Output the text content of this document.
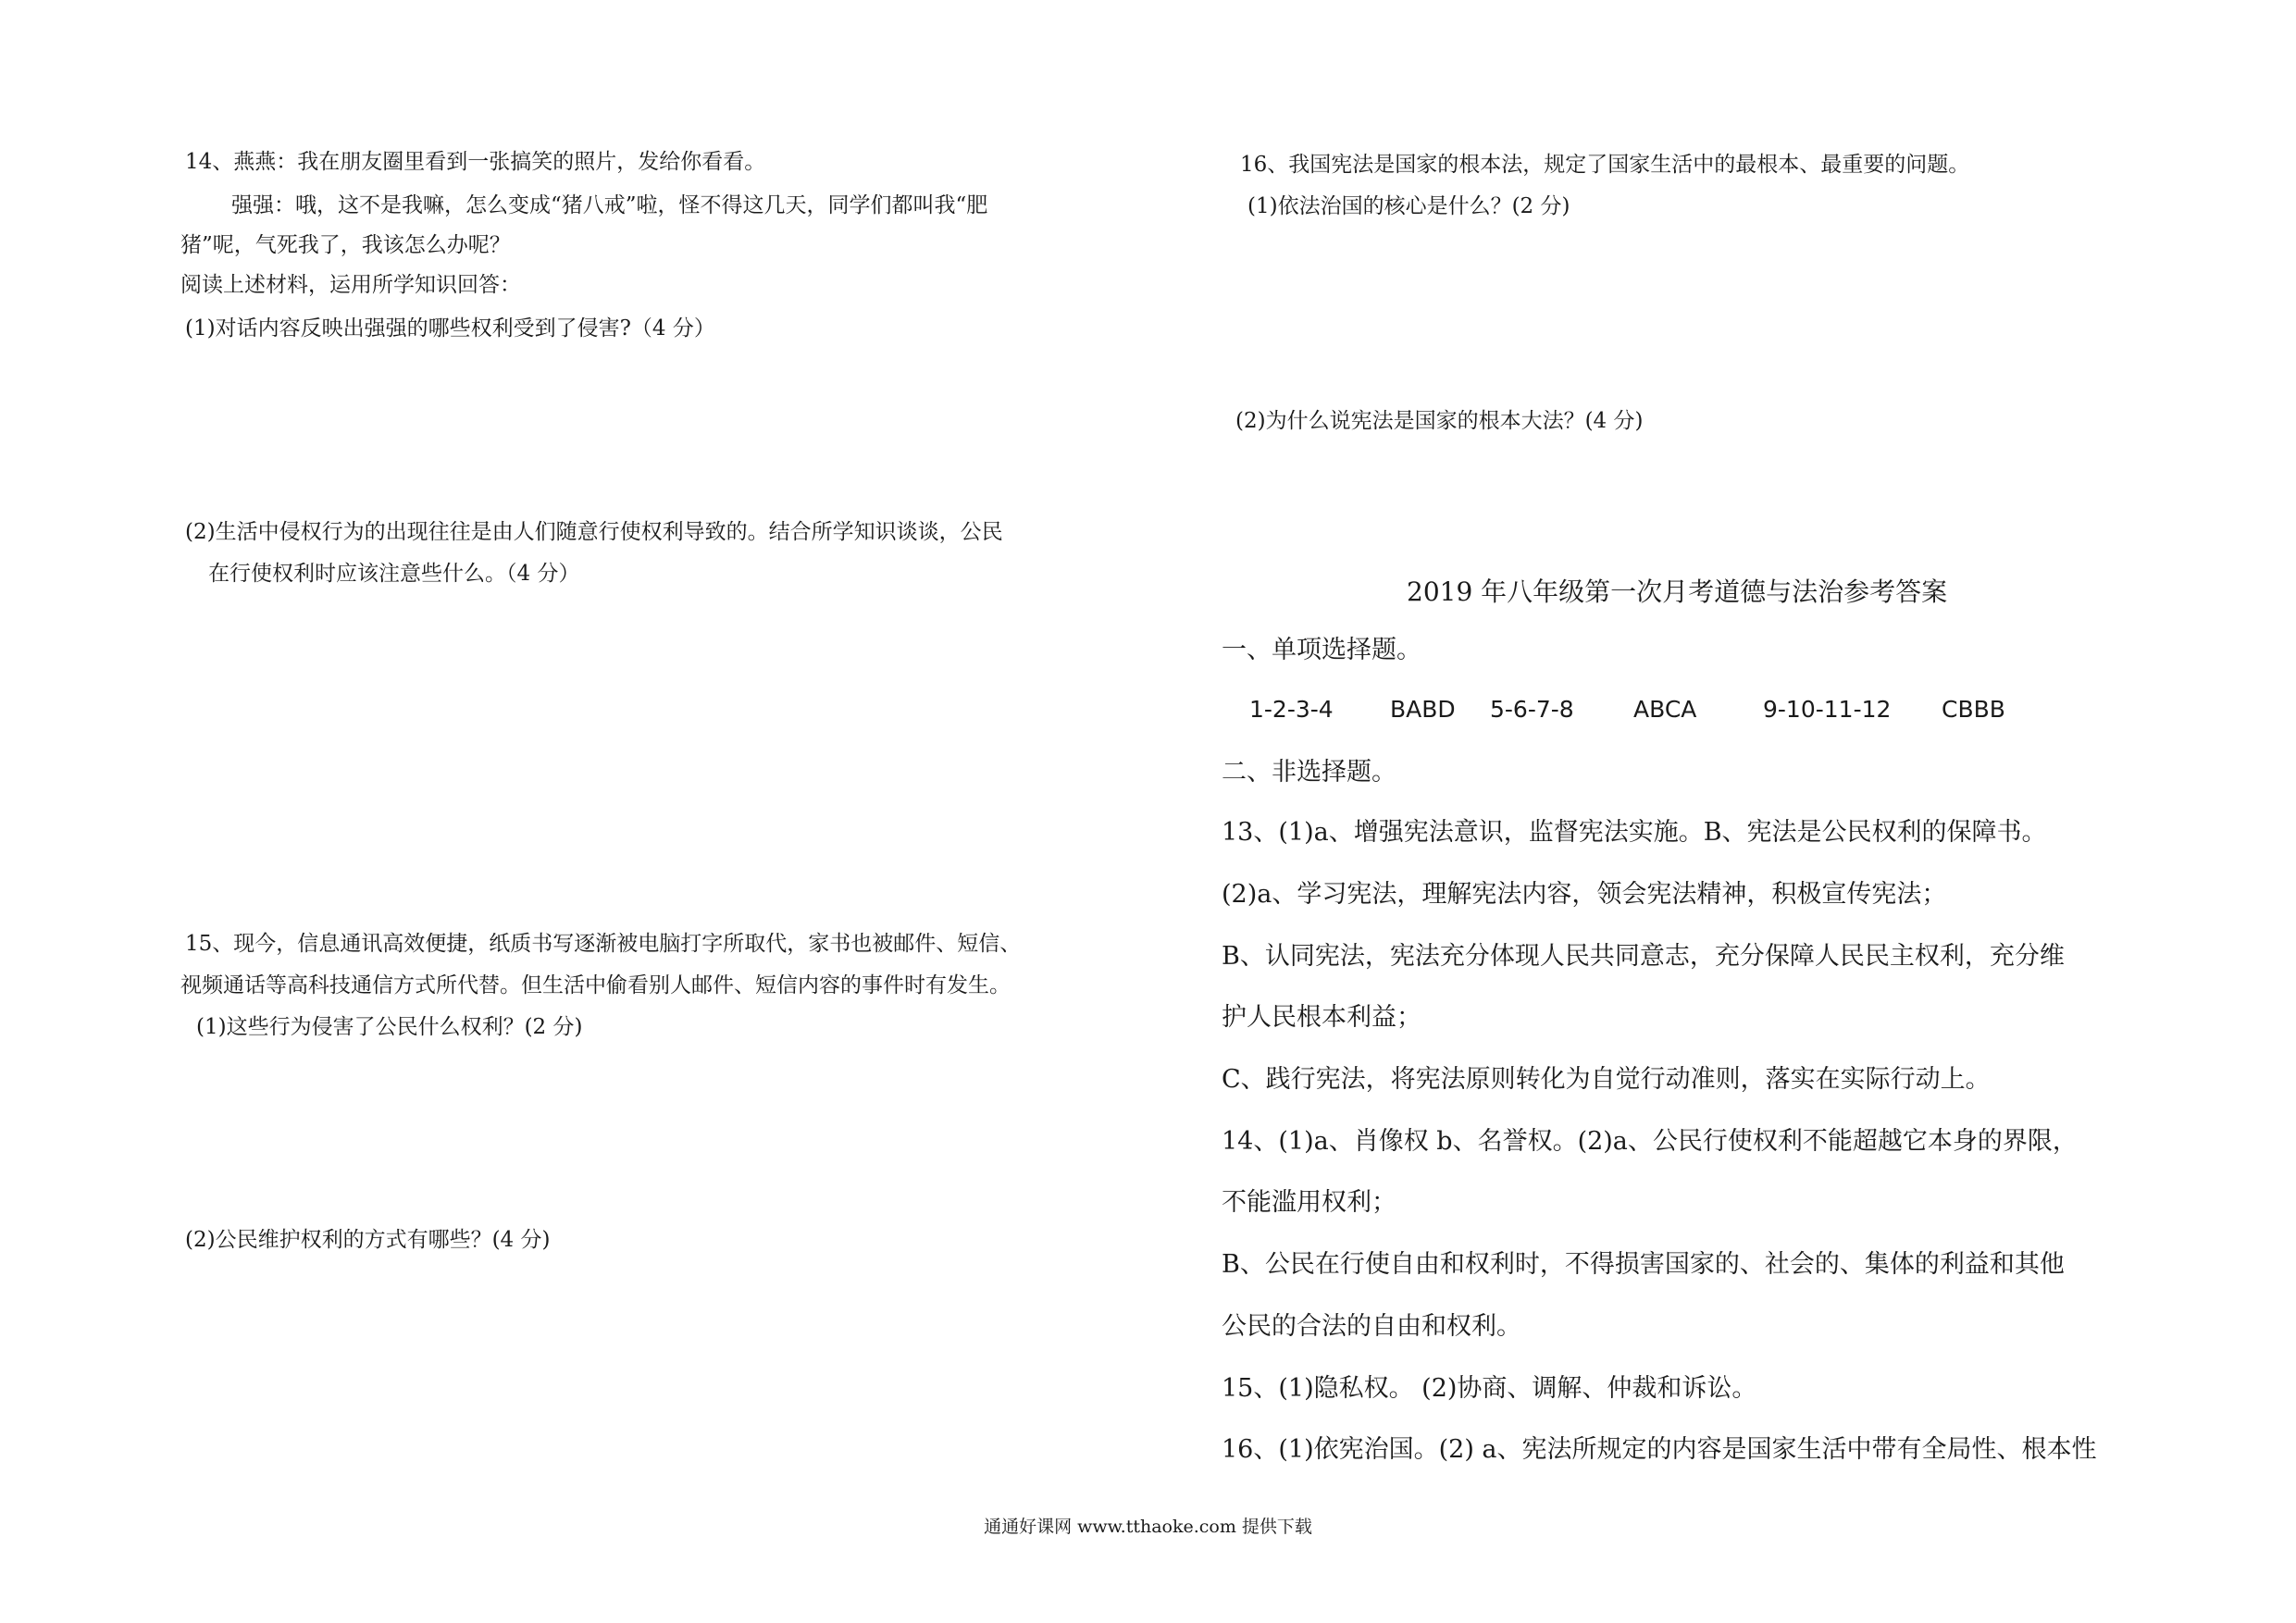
14、燕燕：我在朋友圈里看到一张搞笑的照片，发给你看看。
强强：哦，这不是我嘛，怎么变成“猪八戒”啦，怪不得这几天，同学们都叫我“肥
猪”呢，气死我了，我该怎么办呢？
阅读上述材料，运用所学知识回答：
(1)对话内容反映出强强的哪些权利受到了侵害?（4 分）
(2)生活中侵权行为的出现往往是由人们随意行使权利导致的。结合所学知识谈谈，公民
在行使权利时应该注意些什么。（4 分）
15、现今，信息通讯高效便捷，纸质书写逐渐被电脑打字所取代，家书也被邮件、短信、
视频通话等高科技通信方式所代替。但生活中偷看别人邮件、短信内容的事件时有发生。
(1)这些行为侵害了公民什么权利？(2 分)
(2)公民维护权利的方式有哪些？(4 分)
16、我国宪法是国家的根本法，规定了国家生活中的最根本、最重要的问题。
(1)依法治国的核心是什么？(2 分)
(2)为什么说宪法是国家的根本大法？(4 分)
2019 年八年级第一次月考道德与法治参考答案
一、单项选择题。
1-2-3-4 BABD 5-6-7-8	ABCA	9-10-11-12 CBBB
二、非选择题。
13、(1)a、增强宪法意识，监督宪法实施。B、宪法是公民权利的保障书。
(2)a、学习宪法，理解宪法内容，领会宪法精神，积极宣传宪法；
B、认同宪法，宪法充分体现人民共同意志，充分保障人民民主权利，充分维
护人民根本利益；
C、践行宪法，将宪法原则转化为自觉行动准则，落实在实际行动上。
14、(1)a、肖像权 b、名誉权。(2)a、公民行使权利不能超越它本身的界限，
不能滥用权利；
B、公民在行使自由和权利时，不得损害国家的、社会的、集体的利益和其他
公民的合法的自由和权利。
15、(1)隐私权。 (2)协商、调解、仲裁和诉讼。
16、(1)依宪治国。(2) a、宪法所规定的内容是国家生活中带有全局性、根本性
通通好课网 www.tthaoke.com 提供下载
